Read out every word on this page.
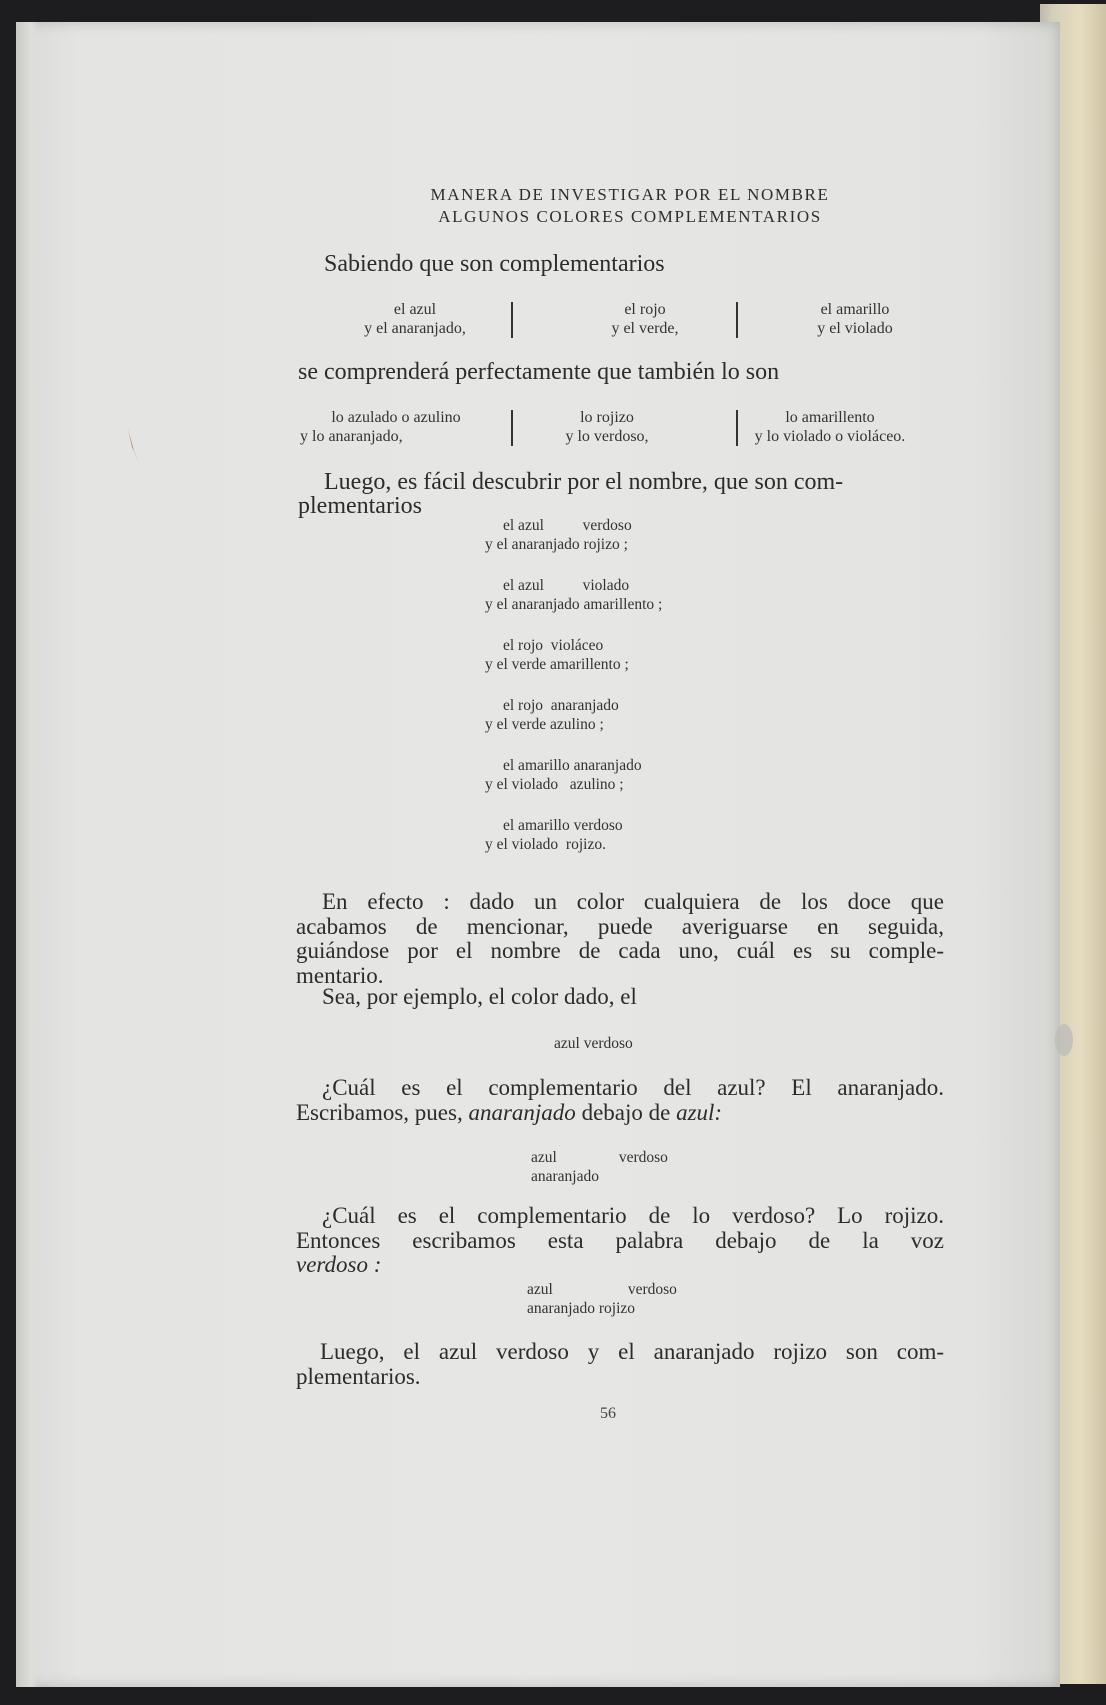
MANERA DE INVESTIGAR POR EL NOMBRE
ALGUNOS COLORES COMPLEMENTARIOS
Sabiendo que son complementarios
el azul
y el anaranjado,
el rojo
y el verde,
el amarillo
y el violado
se comprenderá perfectamente que también lo son
lo azulado o azulino
y lo anaranjado,
lo rojizo
y lo verdoso,
lo amarillento
y lo violado o violáceo.
Luego, es fácil descubrir por el nombre, que son com-
plementarios
el azul          verdoso
y el anaranjado rojizo ;
el azul          violado
y el anaranjado amarillento ;
el rojo  violáceo
y el verde amarillento ;
el rojo  anaranjado
y el verde azulino ;
el amarillo anaranjado
y el violado   azulino ;
el amarillo verdoso
y el violado  rojizo.
En efecto : dado un color cualquiera de los doce que
acabamos de mencionar, puede averiguarse en seguida,
guiándose por el nombre de cada uno, cuál es su comple-
mentario.
Sea, por ejemplo, el color dado, el
azul verdoso
¿Cuál es el complementario del azul? El anaranjado.
Escribamos, pues, anaranjado debajo de azul:
azul	verdoso
anaranjado
¿Cuál es el complementario de lo verdoso? Lo rojizo.
Entonces escribamos esta palabra debajo de la voz
verdoso :
azul	verdoso
anaranjado rojizo
Luego, el azul verdoso y el anaranjado rojizo son com-
plementarios.
56
